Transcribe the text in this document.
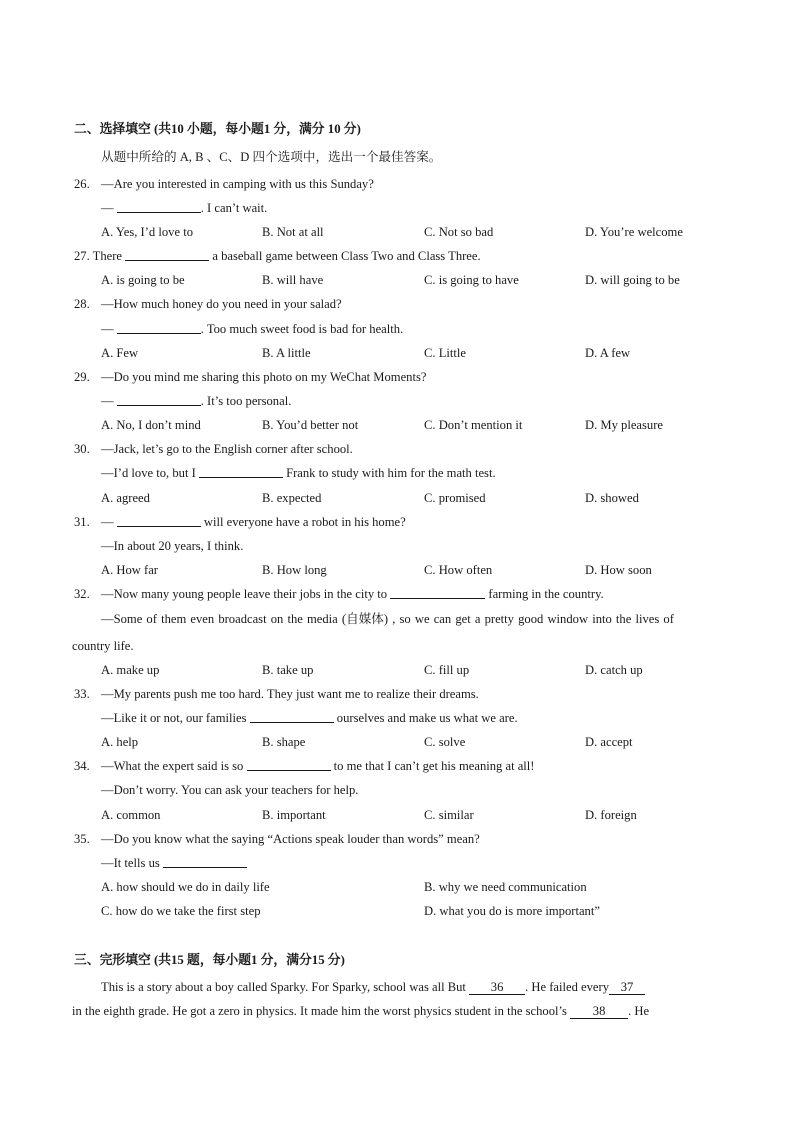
二、选择填空 (共10 小题，每小题1 分，满分 10 分)
从题中所给的 A, B 、C、D 四个选项中，选出一个最佳答案。
26. —Are you interested in camping with us this Sunday?
—	. I can’t wait.
A. Yes, I’d love to	B. Not at all	C. Not so bad	D. You’re welcome
27. There	a baseball game between Class Two and Class Three.
A. is going to be	B. will have	C. is going to have	D. will going to be
28. —How much honey do you need in your salad?
—	. Too much sweet food is bad for health.
A. Few	B. A little	C. Little	D. A few
29. —Do you mind me sharing this photo on my WeChat Moments?
—	. It’s too personal.
A. No, I don’t mind	B. You’d better not	C. Don’t mention it	D. My pleasure
30. —Jack, let’s go to the English corner after school.
—I’d love to, but I	Frank to study with him for the math test.
A. agreed	B. expected	C. promised	D. showed
31. —	will everyone have a robot in his home?
—In about 20 years, I think.
A. How far	B. How long	C. How often	D. How soon
32. —Now many young people leave their jobs in the city to	farming in the country.
—Some of them even broadcast on the media (自媒体) , so we can get a pretty good window into the lives of
country life.
A. make up	B. take up	C. fill up	D. catch up
33. —My parents push me too hard. They just want me to realize their dreams.
—Like it or not, our families	ourselves and make us what we are.
A. help	B. shape	C. solve	D. accept
34. —What the expert said is so	to me that I can’t get his meaning at all!
—Don’t worry. You can ask your teachers for help.
A. common	B. important	C. similar	D. foreign
35. —Do you know what the saying “Actions speak louder than words” mean?
—It tells us
A. how should we do in daily life	B. why we need communication
C. how do we take the first step	D. what you do is more important”
三、完形填空 (共15 题，每小题1 分，满分15 分)
This is a story about a boy called Sparky. For Sparky, school was all But 36 . He failed every 37
in the eighth grade. He got a zero in physics. It made him the worst physics student in the school’s 38 . He
